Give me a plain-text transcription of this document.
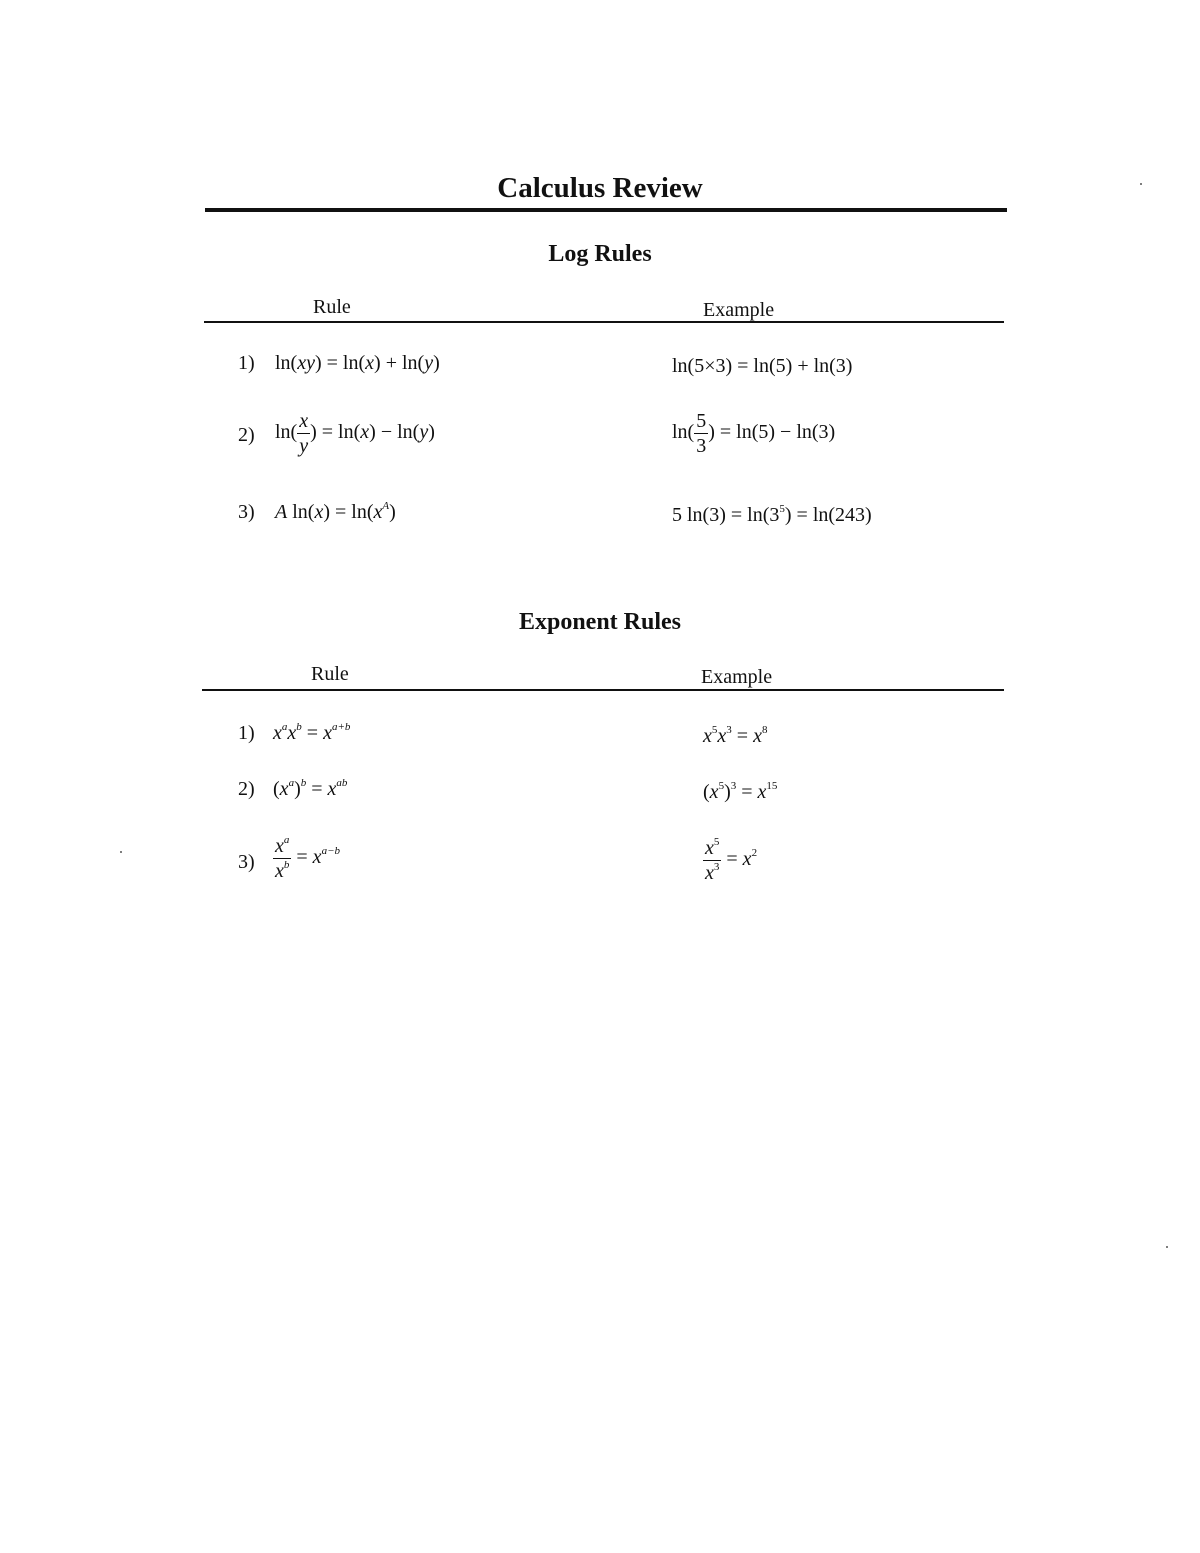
Calculus Review
Log Rules
Rule	Example
1) ln(xy) = ln(x) + ln(y)	ln(5×3) = ln(5) + ln(3)
2) $\ln( \frac{x}{y}$ ) = ln(x) − ln(y)	$\ln( \frac{5}{3}$ ) = ln(5) − ln(3)
3) A $\ln(x) = \ln(x^A)$	5 $\ln(3) = \ln(3^5) = \ln(243)$
Exponent Rules
Rule	Example
1) $x^ax^b = x^{a+b}$	$x^5x^3 = x^8$
2) $(x^a)^b = x^{ab}$	$(x^5)^3 = x^{15}$
$3) \frac{x^a}{x^b} = x^{a-b}$	$\frac{x^5}{x^3} = x^2$
